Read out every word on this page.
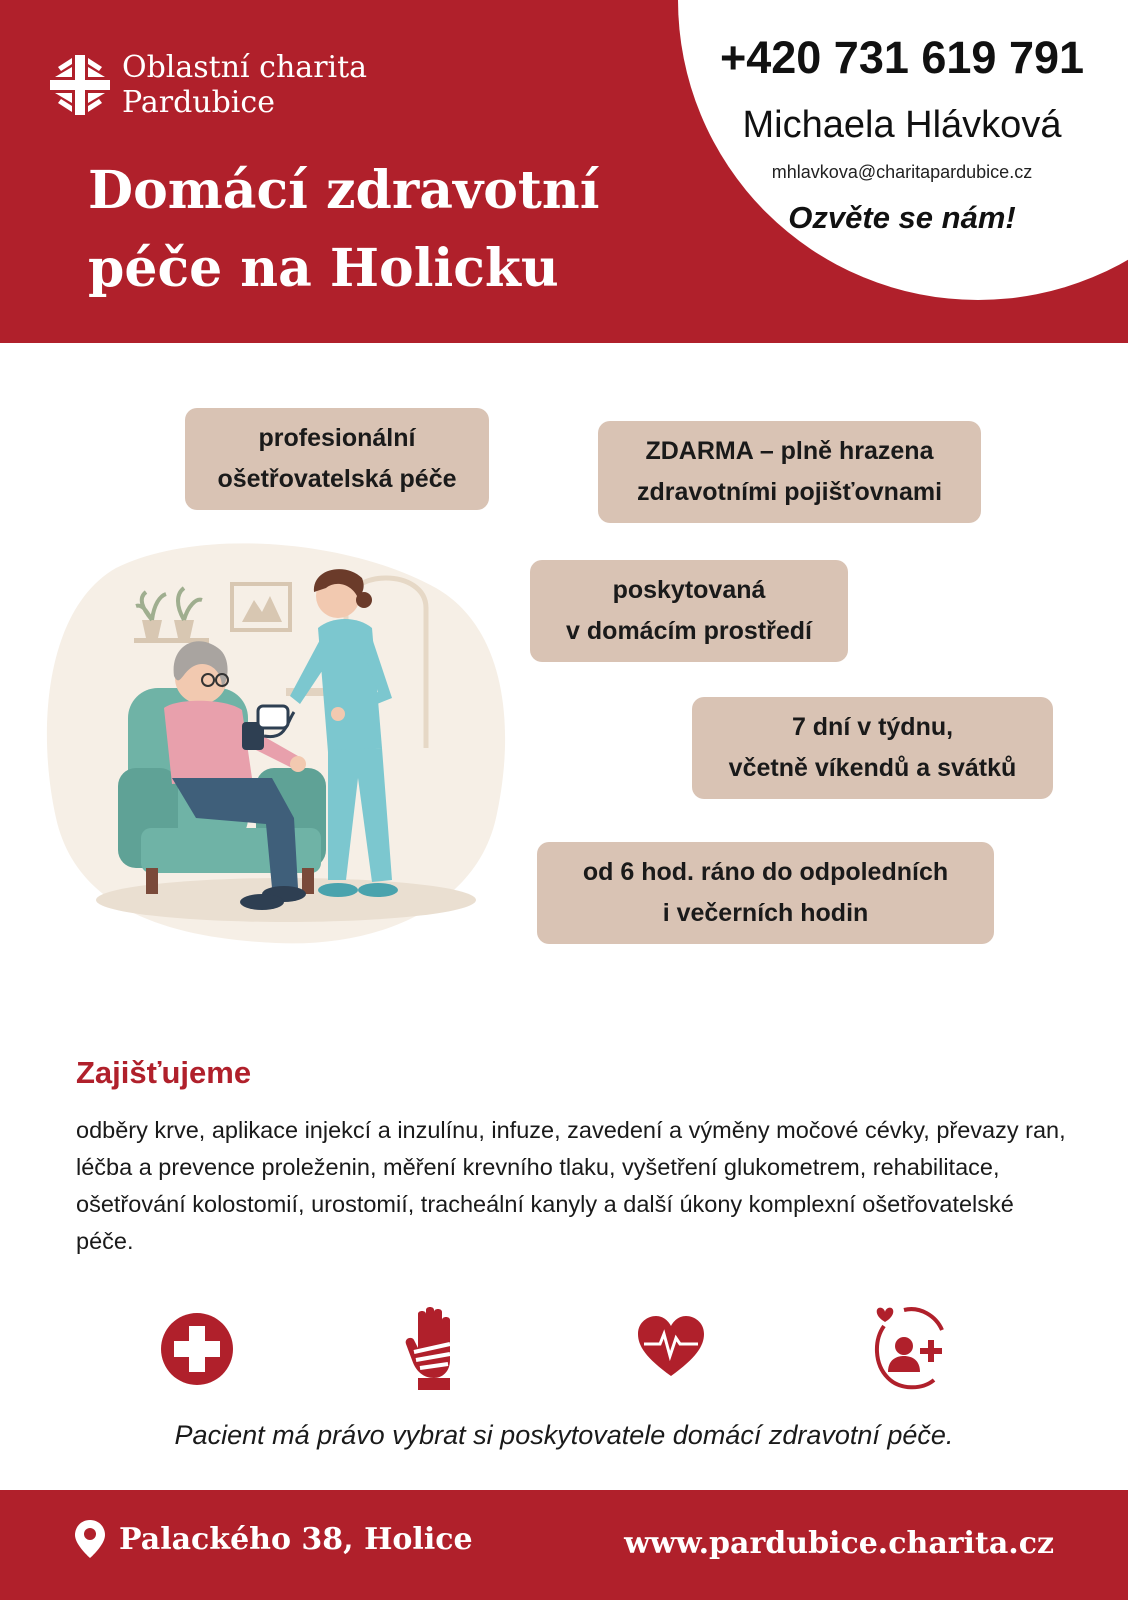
Oblastní charita
Pardubice
Domácí zdravotní
péče na Holicku
+420 731 619 791
Michaela Hlávková
mhlavkova@charitapardubice.cz
Ozvěte se nám!
profesionální
ošetřovatelská péče
ZDARMA – plně hrazena
zdravotními pojišťovnami
poskytovaná
v domácím prostředí
7 dní v týdnu,
včetně víkendů a svátků
od 6 hod. ráno do odpoledních
i večerních hodin
Zajišťujeme
odběry krve, aplikace injekcí a inzulínu, infuze, zavedení a výměny močové cévky, převazy ran, léčba a prevence proleženin, měření krevního tlaku, vyšetření glukometrem, rehabilitace, ošetřování kolostomií, urostomií, tracheální kanyly a další úkony komplexní ošetřovatelské péče.
Pacient má právo vybrat si poskytovatele domácí zdravotní péče.
Palackého 38, Holice	www.pardubice.charita.cz
